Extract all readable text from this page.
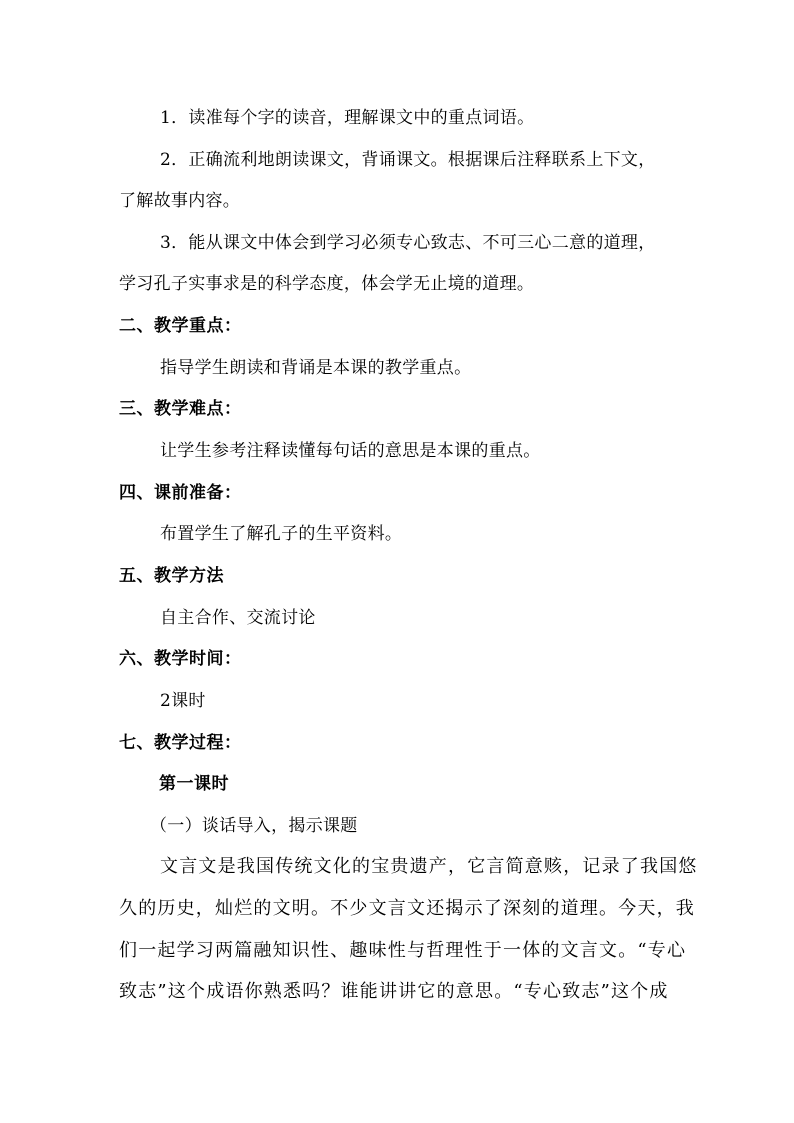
1．读准每个字的读音，理解课文中的重点词语。
2．正确流利地朗读课文，背诵课文。根据课后注释联系上下文，
了解故事内容。
3．能从课文中体会到学习必须专心致志、不可三心二意的道理，
学习孔子实事求是的科学态度，体会学无止境的道理。
二、教学重点：
指导学生朗读和背诵是本课的教学重点。
三、教学难点：
让学生参考注释读懂每句话的意思是本课的重点。
四、课前准备：
布置学生了解孔子的生平资料。
五、教学方法
自主合作、交流讨论
六、教学时间：
2课时
七、教学过程：
第一课时
（一）谈话导入，揭示课题
文言文是我国传统文化的宝贵遗产，它言简意赅，记录了我国悠
久的历史，灿烂的文明。不少文言文还揭示了深刻的道理。今天，我
们一起学习两篇融知识性、趣味性与哲理性于一体的文言文。“专心
致志”这个成语你熟悉吗？谁能讲讲它的意思。“专心致志”这个成
